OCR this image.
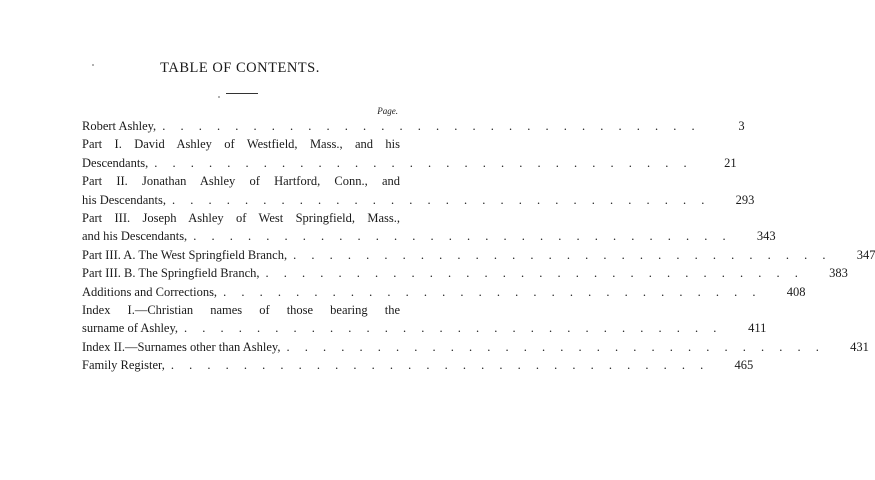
TABLE OF CONTENTS.
Page.
Robert Ashley, . . . . . . . . . . . . . . . . . . . . . . . . . . . . . .	3
Part I. David Ashley of Westfield, Mass., and his
Descendants, . . . . . . . . . . . . . . . . . . . . . . . . . . . . . .	21
Part II. Jonathan Ashley of Hartford, Conn., and
his Descendants, . . . . . . . . . . . . . . . . . . . . . . . . . . . . . .	293
Part III. Joseph Ashley of West Springfield, Mass.,
and his Descendants, . . . . . . . . . . . . . . . . . . . . . . . . . . . . . .	343
Part III. A. The West Springfield Branch, . . . . . . . . . . . . . . . . . . . . . . . . . . . . . .	347
Part III. B. The Springfield Branch, . . . . . . . . . . . . . . . . . . . . . . . . . . . . . .	383
Additions and Corrections, . . . . . . . . . . . . . . . . . . . . . . . . . . . . . .	408
Index I.—Christian names of those bearing the
surname of Ashley, . . . . . . . . . . . . . . . . . . . . . . . . . . . . . .	411
Index II.—Surnames other than Ashley, . . . . . . . . . . . . . . . . . . . . . . . . . . . . . .	431
Family Register, . . . . . . . . . . . . . . . . . . . . . . . . . . . . . .	465
